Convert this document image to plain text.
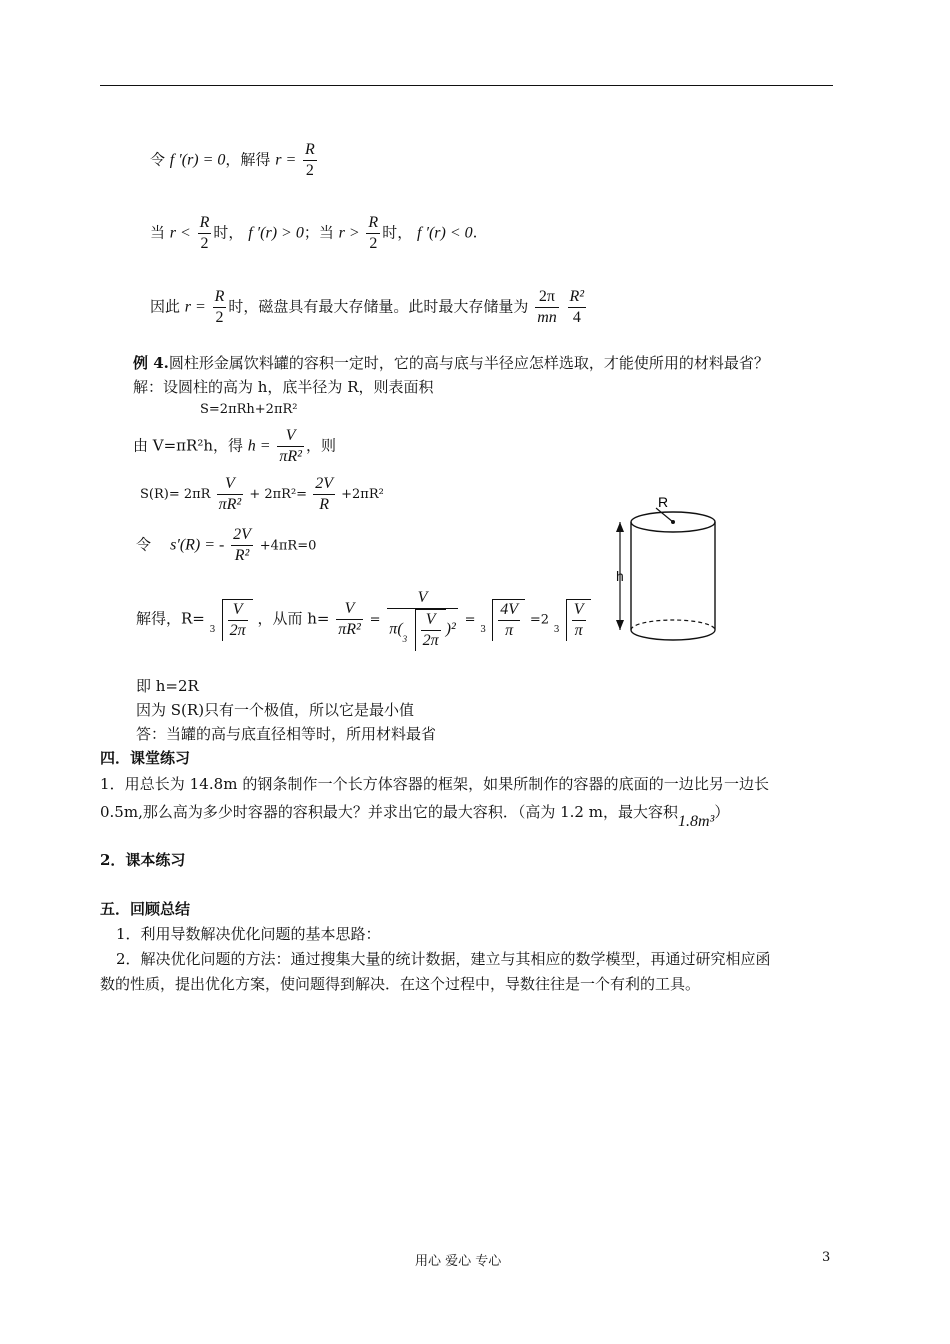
令 f ′(r) = 0，解得 $r = \frac{R}{2}$
当 $r < \frac{R}{2}$ 时， f ′(r) > 0；当 $r > \frac{R}{2}$ 时， f ′(r) < 0.
因此 $r = \frac{R}{2}$ 时，磁盘具有最大存储量。此时最大存储量为 $\frac{2\pi}{mn}$
$\frac{\text{R²}}{4}$
例 4.圆柱形金属饮料罐的容积一定时，它的高与底与半径应怎样选取，才能使所用的材料最省？
解：设圆柱的高为 h，底半径为 R，则表面积
S=2πRh+2πR²
由 V=πR²h，得 $h = \frac{V}{\text{πR²}}$ ，则
$S(R)= 2\pi R \frac{V}{\text{πR²}} + 2\pi R^2= \frac{2V}{R} +2\pi R^2$
令 s′(R) = - $\frac{2V}{\text{R²}} +4\pi R=0$
解得，R=
$3 \frac{V}{2\pi}$ ，从而 $h= \frac{V}{\text{πR²}} = V$
π(
$3 \frac{V}{2\pi} )^2$ =
$3 \frac{4V}{\pi} =2$
$3 \frac{V}{\pi}$
R
h
即 h=2R
因为 S(R)只有一个极值，所以它是最小值
答：当罐的高与底直径相等时，所用材料最省
四．课堂练习
1．用总长为 14.8m 的钢条制作一个长方体容器的框架，如果所制作的容器的底面的一边比另一边长
0.5m,那么高为多少时容器的容积最大？并求出它的最大容积．（高为 1.2 m，最大容积1.8m³）
2．课本练习
五．回顾总结
1．利用导数解决优化问题的基本思路：
2．解决优化问题的方法：通过搜集大量的统计数据，建立与其相应的数学模型，再通过研究相应函
数的性质，提出优化方案，使问题得到解决．在这个过程中，导数往往是一个有利的工具。
用心 爱心 专心	3
